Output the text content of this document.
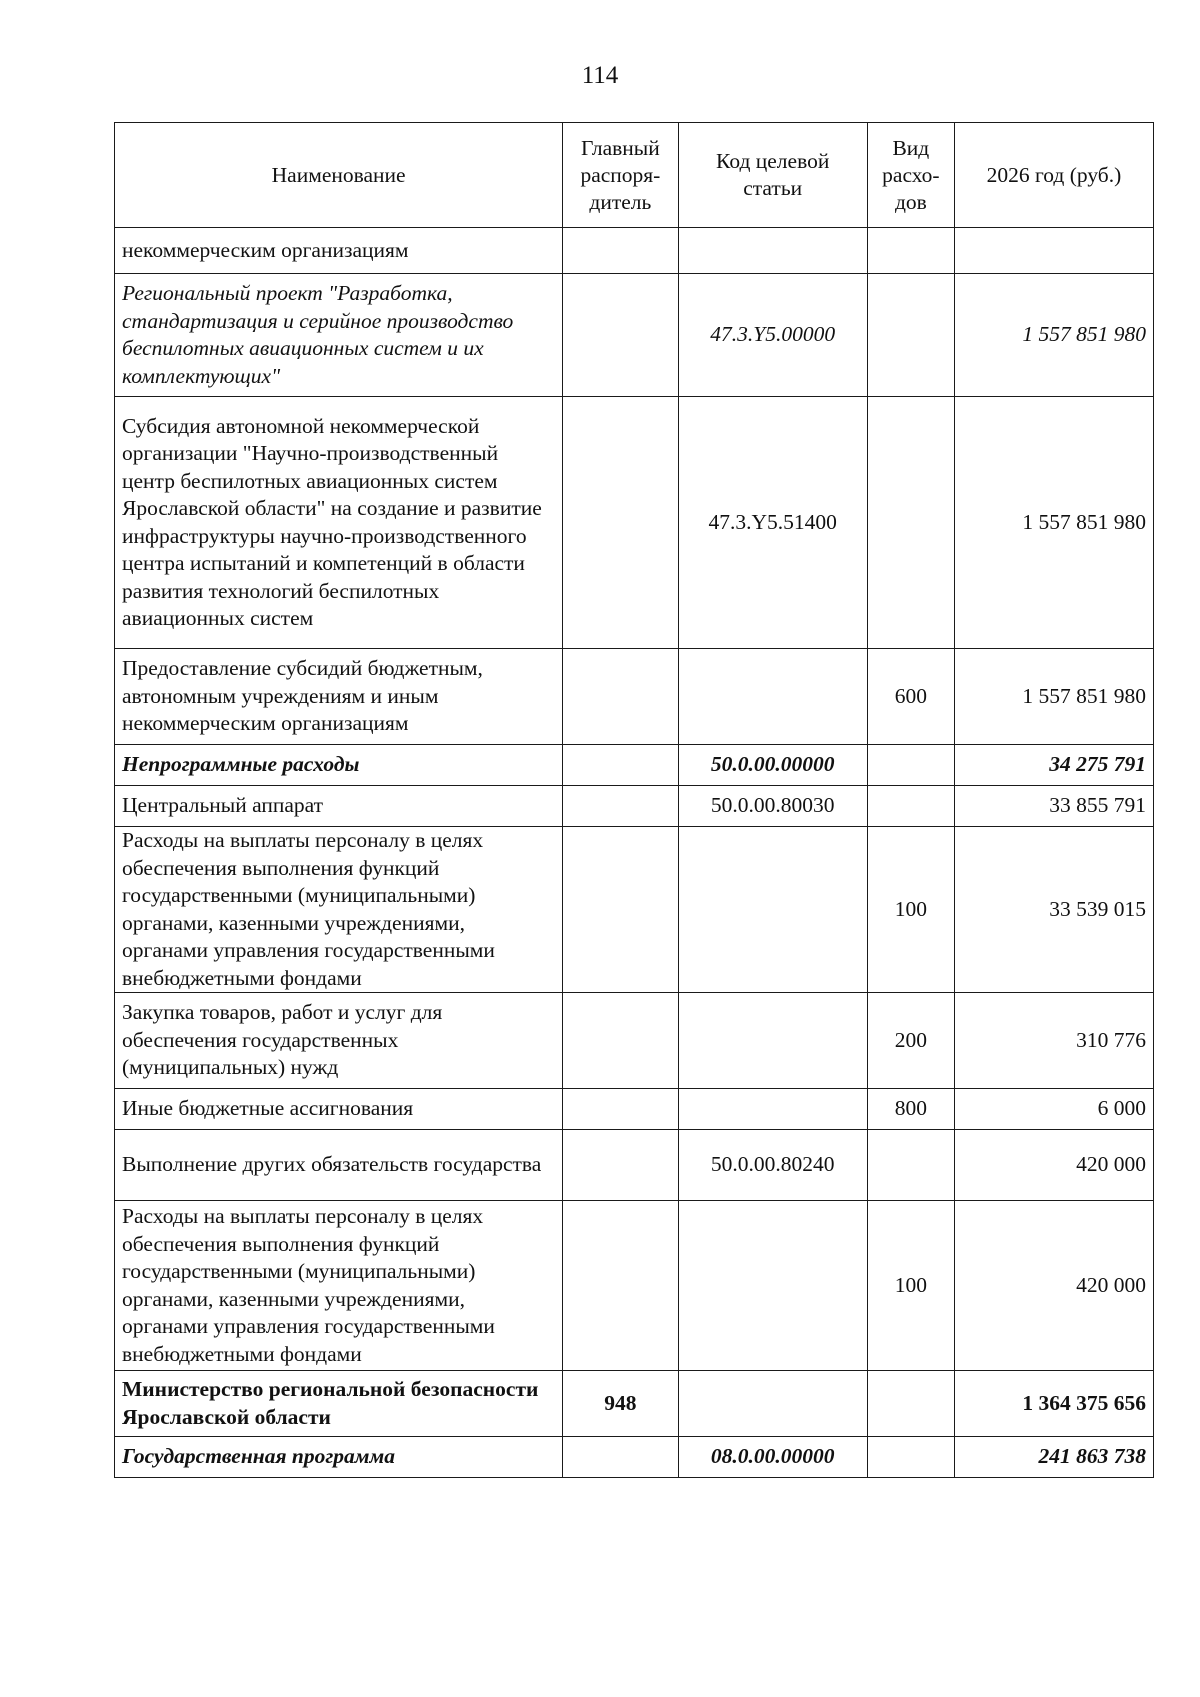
114
Наименование	Главный распоря-дитель	Код целевой статьи	Вид расхо-дов	2026 год (руб.)
некоммерческим организациям				
Региональный проект "Разработка, стандартизация и серийное производство беспилотных авиационных систем и их комплектующих"		47.3.Y5.00000		1 557 851 980
Субсидия автономной некоммерческой организации "Научно-производственный центр беспилотных авиационных систем Ярославской области" на создание и развитие инфраструктуры научно-производственного центра испытаний и компетенций в области развития технологий беспилотных авиационных систем		47.3.Y5.51400		1 557 851 980
Предоставление субсидий бюджетным, автономным учреждениям и иным некоммерческим организациям			600	1 557 851 980
Непрограммные расходы		50.0.00.00000		34 275 791
Центральный аппарат		50.0.00.80030		33 855 791
Расходы на выплаты персоналу в целях обеспечения выполнения функций государственными (муниципальными) органами, казенными учреждениями, органами управления государственными внебюджетными фондами			100	33 539 015
Закупка товаров, работ и услуг для обеспечения государственных (муниципальных) нужд			200	310 776
Иные бюджетные ассигнования			800	6 000
Выполнение других обязательств государства		50.0.00.80240		420 000
Расходы на выплаты персоналу в целях обеспечения выполнения функций государственными (муниципальными) органами, казенными учреждениями, органами управления государственными внебюджетными фондами			100	420 000
Министерство региональной безопасности Ярославской области	948			1 364 375 656
Государственная программа		08.0.00.00000		241 863 738
